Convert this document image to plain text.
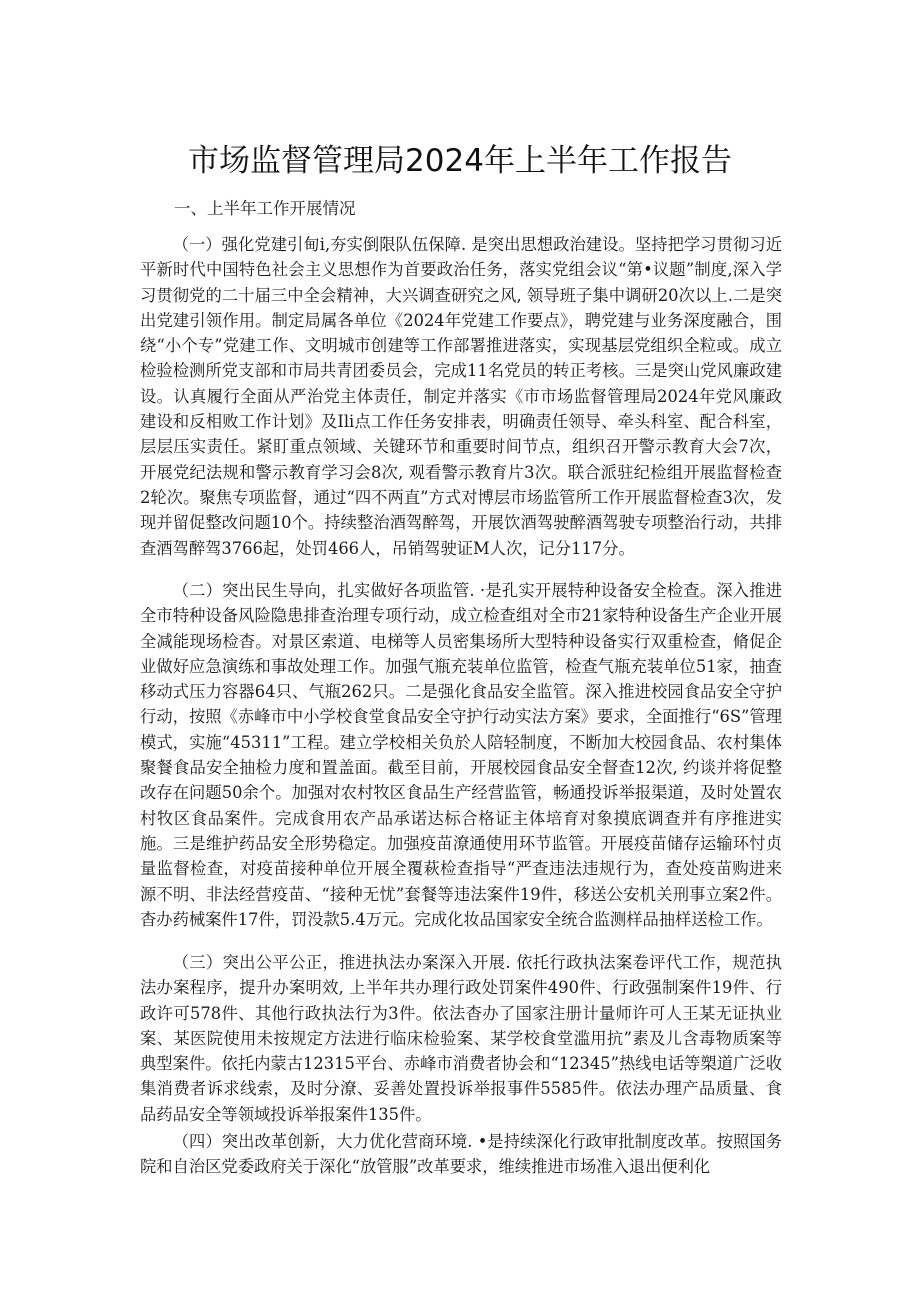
市场监督管理局2024年上半年工作报告
一、上半年工作开展情况

（一）强化党建引甸i,夯实倒限队伍保障. 是突出思想政治建设。坚持把学习贯彻习近平新时代中国特色社会主义思想作为首要政治任务，落实党组会议“第•议题”制度,深入学习贯彻党的二十届三中全会精神，大兴调查研究之风, 领导班子集中调研20次以上.二是突出党建引领作用。制定局属各单位《2024年党建工作要点》，聘党建与业务深度融合，围绕“小个专”党建工作、文明城市创建等工作部署推进落实，实现基层党组织全粒或。成立检验检测所党支部和市局共青团委员会，完成11名党员的转正考核。三是突山党风廉政建设。认真履行全面从严治党主体责任，制定并落实《市市场监督管理局2024年党风廉政建设和反相败工作计划》及Ili点工作任务安排表，明确责任领导、牵头科室、配合科室，层层压实责任。紧盯重点领域、关键环节和重要时间节点，组织召开警示教育大会7次，开展党纪法规和警示教育学习会8次, 观看警示教育片3次。联合派驻纪检组开展监督检查2轮次。聚焦专项监督，通过“四不两直”方式对博层市场监管所工作开展监督检查3次，发现并留促整改问题10个。持续整治酒驾醉驾，开展饮酒驾驶醉酒驾驶专项整治行动，共排查酒驾醉驾3766起，处罚466人，吊销驾驶证M人次，记分117分。

（二）突出民生导向，扎实做好各项监管. ·是孔实开展特种设备安全检查。深入推进全市特种设备风险隐患排查治理专项行动，成立检查组对全市21家特种设备生产企业开展全减能现场检杳。对景区索道、电梯等人员密集场所大型特种设备实行双重检查，脩促企业做好应急演练和事故处理工作。加强气瓶充装单位监管，检查气瓶充装单位51家，抽查移动式压力容器64只、气瓶262只。二是强化食品安全监管。深入推进校园食品安全守护行动，按照《赤峰市中小学校食堂食品安全守护行动实法方案》要求，全面推行“6S”管理模式，实施“45311”工程。建立学校相关负於人陪轻制度，不断加大校园食品、农村集体聚餐食品安全抽检力度和置盖面。截至目前，开展校园食品安全督查12次, 约谈并将促整改存在问题50余个。加强对农村牧区食品生产经营监管，畅通投诉举报渠道，及时处置农村牧区食品案件。完成食用农产品承诺达标合格证主体培育对象摸底调查并有序推进实施。三是维护药品安全形势稳定。加强疫苗潦通使用环节监管。开展疫苗储存运输环忖贞量监督检查，对疫苗接种单位开展全覆萩检查指导“严查违法违规行为，查处疫苗购进来源不明、非法经营疫苗、“接种无忧”套餐等违法案件19件，移送公安机关刑事立案2件。杳办药械案件17件，罚没款5.4万元。完成化妆品国家安全统合监测样品抽样送检工作。

（三）突出公平公正，推进执法办案深入开展. 依托行政执法案卷评代工作，规范执法办案程序，提升办案明效, 上半年共办理行政处罚案件490件、行政强制案件19件、行政许可578件、其他行政执法行为3件。依法杳办了国家注册计量师许可人王某无证执业案、某医院使用未按规定方法进行临床检验案、某学校食堂滥用抗”素及儿含毒物质案等典型案件。依托内蒙古12315平台、赤峰市消费者协会和“12345”热线电话等槊道广泛收集消费者诉求线索，及时分潦、妥善处置投诉举报事件5585件。依法办理产品质量、食品药品安全等领域投诉举报案件135件。

（四）突出改革创新，大力优化营商环境. •是持续深化行政审批制度改革。按照国务院和自治区党委政府关于深化“放管服”改革要求，维续推进市场准入退出便利化
